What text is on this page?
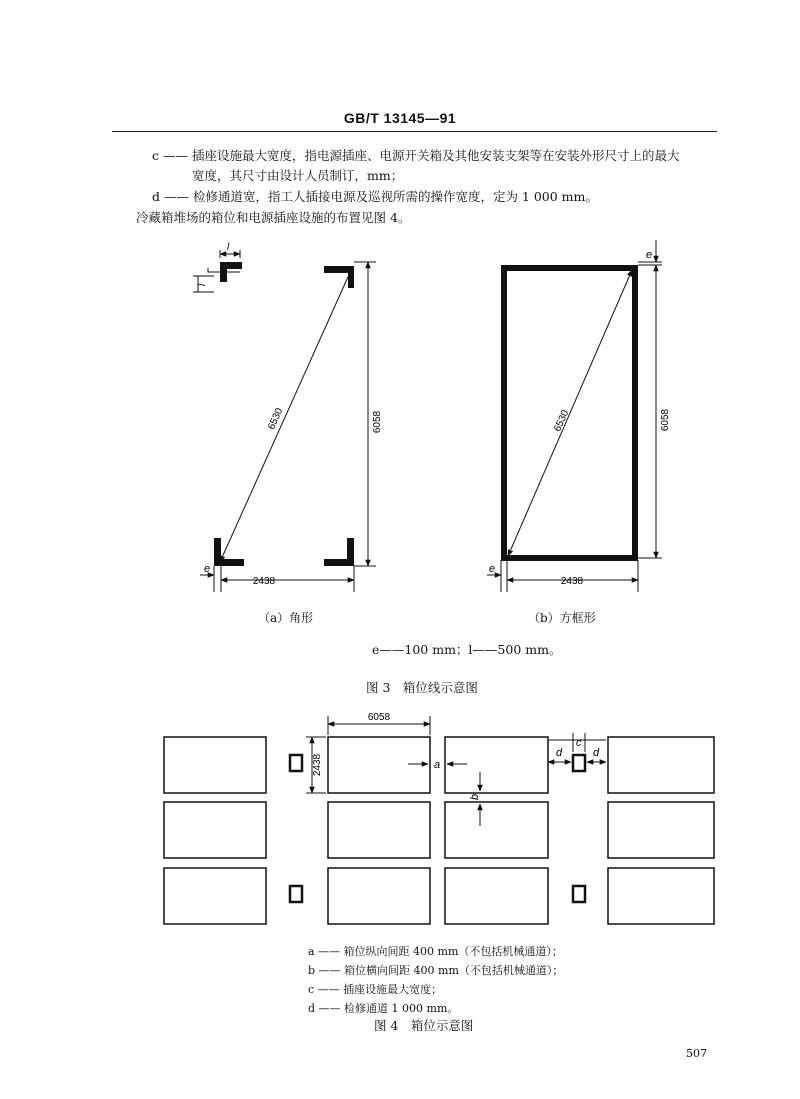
GB/T 13145—91
c —— 插座设施最大宽度，指电源插座、电源开关箱及其他安装支架等在安装外形尺寸上的最大
宽度，其尺寸由设计人员制订，mm；
d —— 检修通道宽，指工人插接电源及巡视所需的操作宽度，定为 1 000 mm。
冷藏箱堆场的箱位和电源插座设施的布置见图 4。
2438
6058
6530
e
l
l
2438
6058
6530
e
e
6058
2438	a
b
c
d	d
（a）角形	（b）方框形
e——100 mm；l——500 mm。
图 3　箱位线示意图
a —— 箱位纵向间距 400 mm（不包括机械通道）；
b —— 箱位横向间距 400 mm（不包括机械通道）；
c —— 插座设施最大宽度；
d —— 检修通道 1 000 mm。
图 4　箱位示意图
507
